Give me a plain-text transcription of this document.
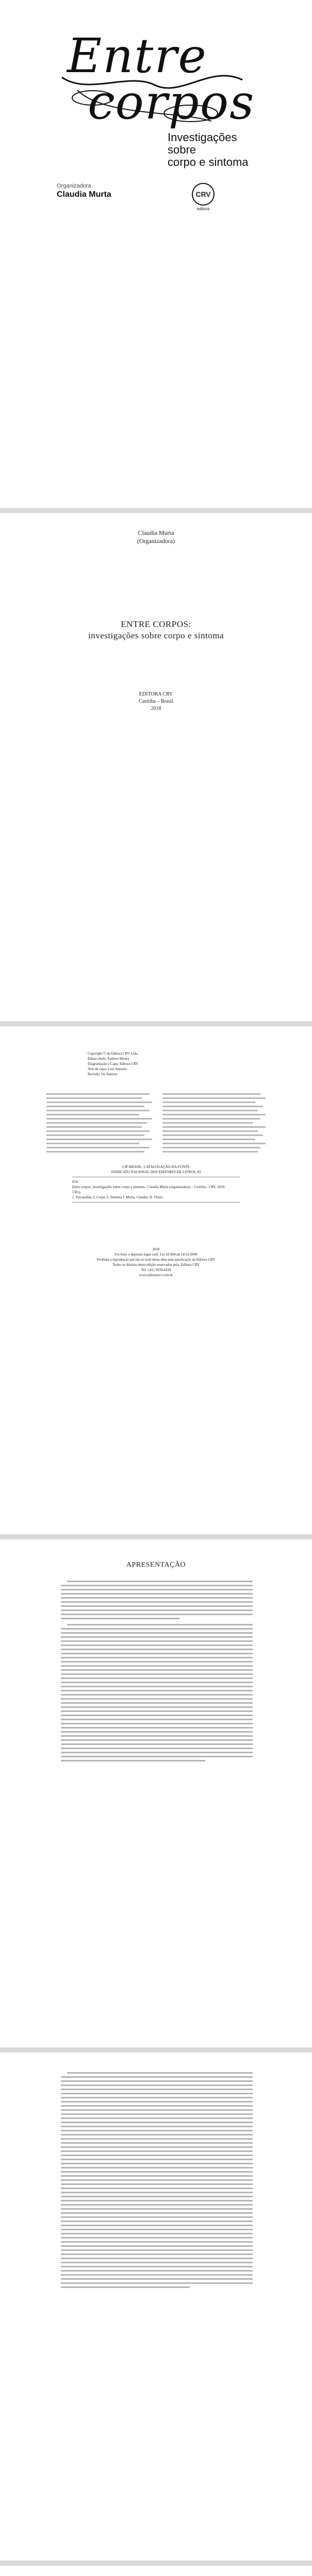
Entre
corpos
Investigações sobre
corpo e sintoma
Organizadora
Claudia Murta	CRV
editora
Claudia Murta
(Organizadora)
ENTRE CORPOS:
investigações sobre corpo e sintoma
EDITORA CRV
Curitiba – Brasil
2018
Copyright © da Editora CRV Ltda.
Editor-chefe: Railson Moura
Diagramação e Capa: Editora CRV
Arte de capa: Luiz Antonio
Revisão: Os Autores
CIP-BRASIL. CATALOGAÇÃO-NA-FONTE
SINDICATO NACIONAL DOS EDITORES DE LIVROS, RJ
E56
Entre corpos: investigações sobre corpo e sintoma / Claudia Murta (organizadora) – Curitiba : CRV, 2018.
130 p.
1. Psicanálise 2. Corpo 3. Sintoma I. Murta, Claudia. II. Título.
2018
Foi feito o depósito legal conf. Lei 10.994 de 14/12/2004
Proibida a reprodução parcial ou total desta obra sem autorização da Editora CRV
Todos os direitos desta edição reservados pela: Editora CRV
Tel.: (41) 3039-6418
www.editoracrv.com.br
APRESENTAÇÃO
